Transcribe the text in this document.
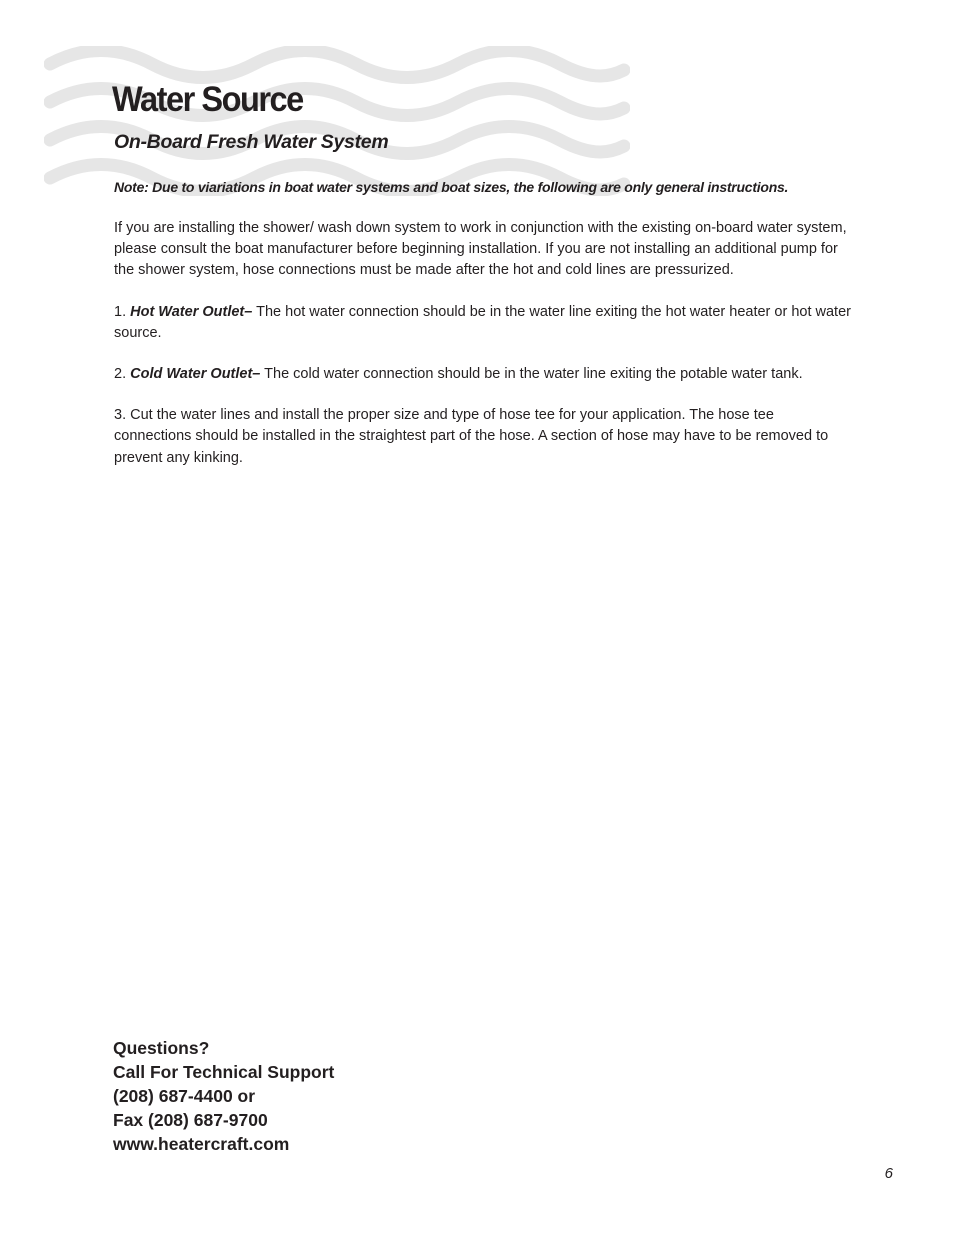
Water Source
On-Board Fresh Water System

Note: Due to viariations in boat water systems and boat sizes, the following are only general instructions.

If you are installing the shower/ wash down system to work in conjunction with the existing on-board water system, please consult the boat manufacturer before beginning installation. If you are not installing an additional pump for the shower system, hose connections must be made after the hot and cold lines are pressurized.

1. Hot Water Outlet– The hot water connection should be in the water line exiting the hot water heater or hot water source.

2. Cold Water Outlet– The cold water connection should be in the water line exiting the potable water tank.

3. Cut the water lines and install the proper size and type of hose tee for your application. The hose tee connections should be installed in the straightest part of the hose. A section of hose may have to be removed to prevent any kinking.

Questions?
Call For Technical Support
(208) 687-4400 or
Fax (208) 687-9700
www.heatercraft.com
6
